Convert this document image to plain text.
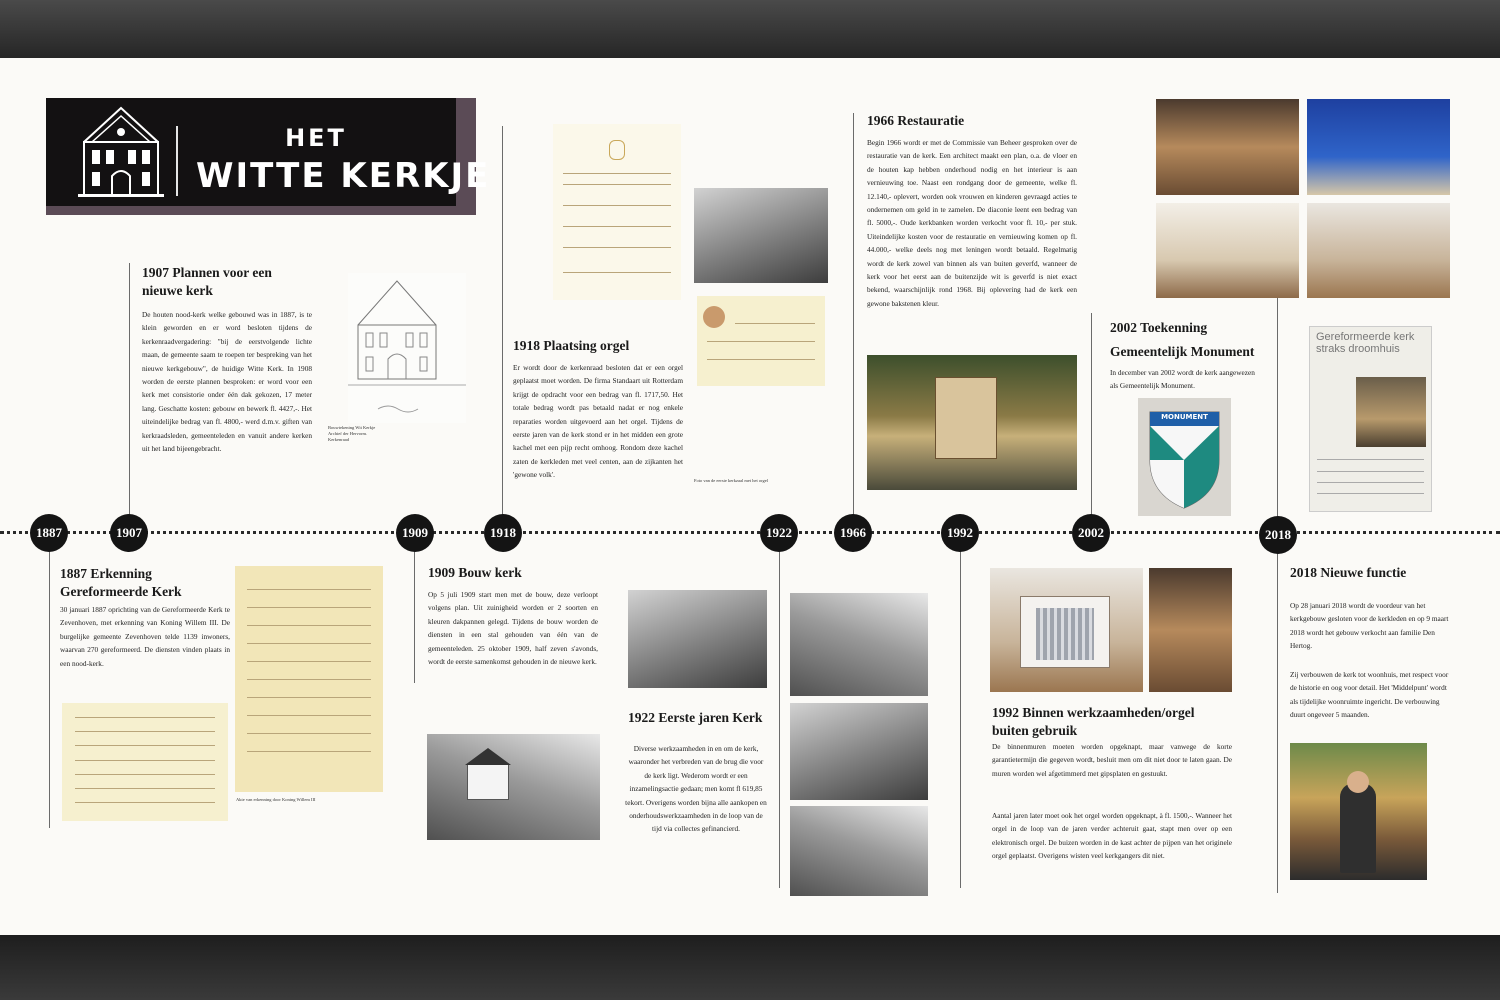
HET
WITTE KERKJE
1887	1907	1909	1918	1922	1966	1992	2002	2018
1907 Plannen voor een nieuwe kerk
De houten nood-kerk welke gebouwd was in 1887, is te klein geworden en er word besloten tijdens de kerkenraadvergadering: "bij de eerstvolgende lichte maan, de gemeente saam te roepen ter bespreking van het nieuwe kerkgebouw", de huidige Witte Kerk. In 1908 worden de eerste plannen besproken: er word voor een kerk met consistorie onder één dak gekozen, 17 meter lang. Geschatte kosten: gebouw en bewerk fl. 4427,-. Het uiteindelijke bedrag van fl. 4800,- werd d.m.v. giften van kerkraadsleden, gemeenteleden en vanuit andere kerken uit het land bijeengebracht.
Bouwtekening Wit Kerkje Archief der Hervorm. Kerkenraad
1887 Erkenning Gereformeerde Kerk
30 januari 1887 oprichting van de Gereformeerde Kerk te Zevenhoven, met erkenning van Koning Willem III. De burgelijke gemeente Zevenhoven telde 1139 inwoners, waarvan 270 gereformeerd. De diensten vinden plaats in een nood-kerk.
Akte van erkenning door Koning Willem III
1909 Bouw kerk
Op 5 juli 1909 start men met de bouw, deze verloopt volgens plan. Uit zuinigheid worden er 2 soorten en kleuren dakpannen gelegd. Tijdens de bouw worden de diensten in een stal gehouden van één van de gemeenteleden. 25 oktober 1909, half zeven s'avonds, wordt de eerste samenkomst gehouden in de nieuwe kerk.
1918 Plaatsing orgel
Er wordt door de kerkenraad besloten dat er een orgel geplaatst moet worden. De firma Standaart uit Rotterdam krijgt de opdracht voor een bedrag van fl. 1717,50. Het totale bedrag wordt pas betaald nadat er nog enkele reparaties worden uitgevoerd aan het orgel. Tijdens de eerste jaren van de kerk stond er in het midden een grote kachel met een pijp recht omhoog. Rondom deze kachel zaten de kerkleden met veel centen, aan de zijkanten het 'gewone volk'.
Foto van de eerste kerkzaal met het orgel
1922 Eerste jaren Kerk
Diverse werkzaamheden in en om de kerk, waaronder het verbreden van de brug die voor de kerk ligt. Wederom wordt er een inzamelingsactie gedaan; men komt fl 619,85 tekort. Overigens worden bijna alle aankopen en onderhoudswerkzaamheden in de loop van de tijd via collectes gefinancierd.
1966 Restauratie
Begin 1966 wordt er met de Commissie van Beheer gesproken over de restauratie van de kerk. Een architect maakt een plan, o.a. de vloer en de houten kap hebben onderhoud nodig en het interieur is aan vernieuwing toe. Naast een rondgang door de gemeente, welke fl. 12.140,- oplevert, worden ook vrouwen en kinderen gevraagd acties te ondernemen om geld in te zamelen. De diaconie leent een bedrag van fl. 5000,-. Oude kerkbanken worden verkocht voor fl. 10,- per stuk. Uiteindelijke kosten voor de restauratie en vernieuwing komen op fl. 44.000,- welke deels nog met leningen wordt betaald. Regelmatig wordt de kerk zowel van binnen als van buiten geverfd, wanneer de kerk voor het eerst aan de buitenzijde wit is geverfd is niet exact bekend, waarschijnlijk rond 1968. Bij oplevering had de kerk een gewone bakstenen kleur.
1992 Binnen werkzaamheden/orgel buiten gebruik
De binnenmuren moeten worden opgeknapt, maar vanwege de korte garantietermijn die gegeven wordt, besluit men om dit niet door te laten gaan. De muren worden wel afgetimmerd met gipsplaten en gestuukt.
Aantal jaren later moet ook het orgel worden opgeknapt, à fl. 1500,-. Wanneer het orgel in de loop van de jaren verder achteruit gaat, stapt men over op een elektronisch orgel. De buizen worden in de kast achter de pijpen van het originele orgel geplaatst. Overigens wisten veel kerkgangers dit niet.
2002 Toekenning Gemeentelijk Monument
In december van 2002 wordt de kerk aangewezen als Gemeentelijk Monument.
MONUMENT
Gereformeerde kerk straks droomhuis
2018 Nieuwe functie
Op 28 januari 2018 wordt de voordeur van het kerkgebouw gesloten voor de kerkleden en op 9 maart 2018 wordt het gebouw verkocht aan familie Den Hertog.
Zij verbouwen de kerk tot woonhuis, met respect voor de historie en oog voor detail. Het 'Middelpunt' wordt als tijdelijke woonruimte ingericht. De verbouwing duurt ongeveer 5 maanden.
